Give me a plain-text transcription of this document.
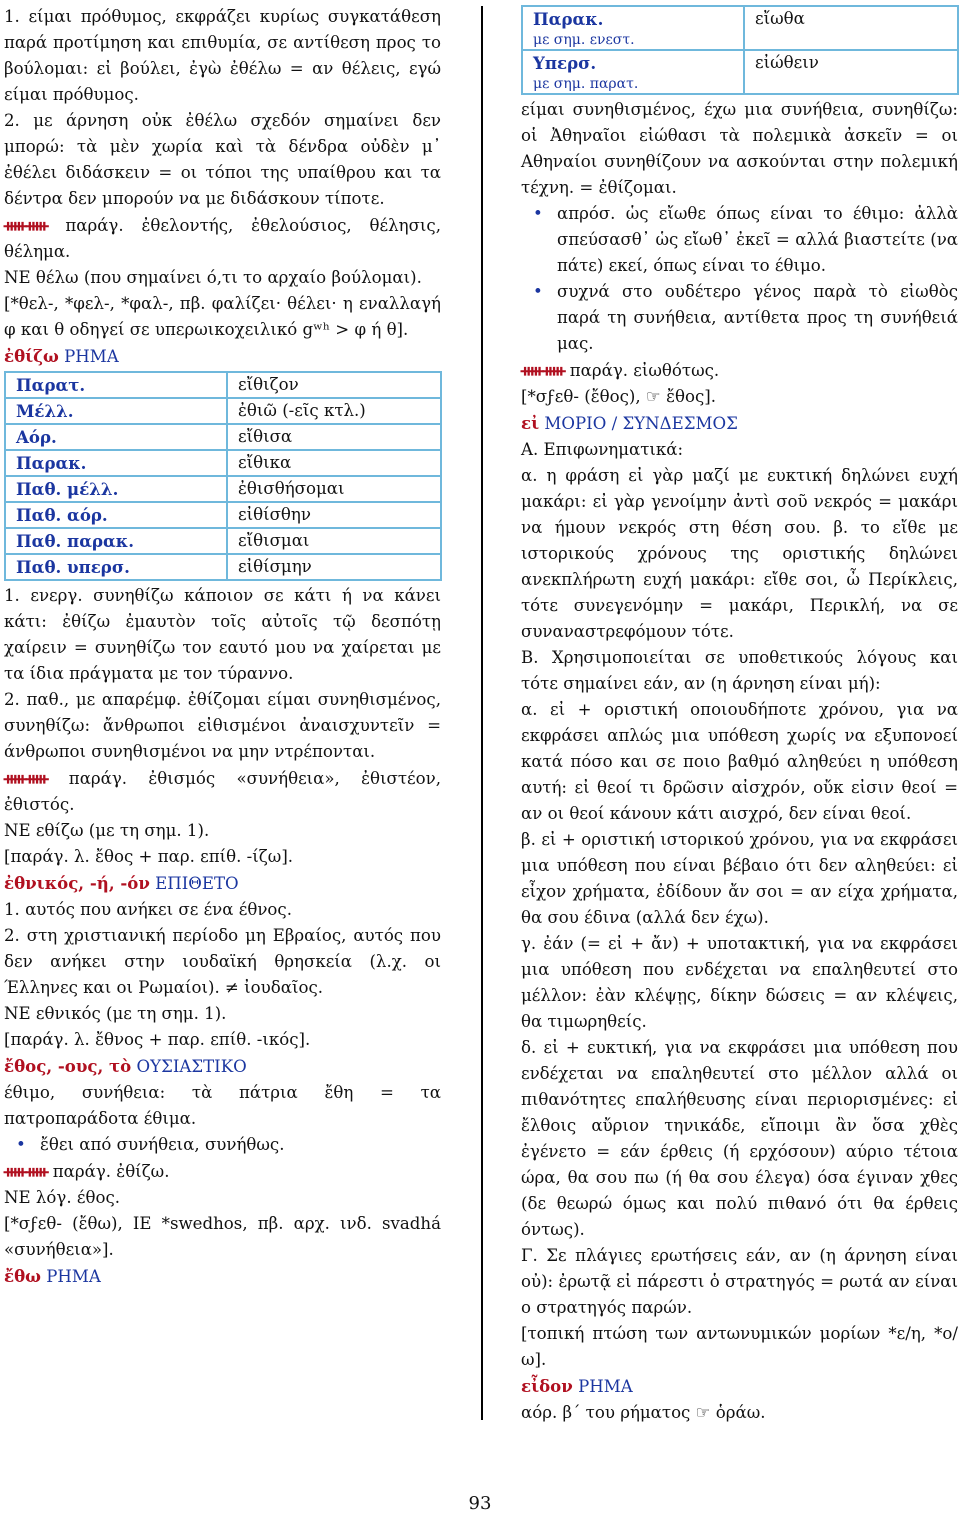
1. είμαι πρόθυμος, εκφράζει κυρίως συγκατάθεση παρά προτίμηση και επιθυμία, σε αντίθεση προς το βούλομαι: εἰ βούλει, ἐγὼ ἐθέλω = αν θέλεις, εγώ είμαι πρόθυμος.

2. με άρνηση οὐκ ἐθέλω σχεδόν σημαίνει δεν μπορώ: τὰ μὲν χωρία καὶ τὰ δένδρα οὐδὲν μ᾽ ἐθέλει διδάσκειν = οι τόποι της υπαίθρου και τα δέντρα δεν μπορούν να με διδάσκουν τίποτε.

ᚔᚔ παράγ. ἐθελοντής, ἐθελούσιος, θέλησις, θέλημα.

ΝΕ θέλω (που σημαίνει ό,τι το αρχαίο βούλομαι).

[*θελ-, *φελ-, *φαλ-, πβ. φαλίζει· θέλει· η εναλλαγή φ και θ οδηγεί σε υπερωικοχειλικό gʷʰ > φ ή θ].

ἐθίζω ΡΗΜΑ

Παρατ.	εἴθιζον
Μέλλ.	ἐθιῶ (-εῖς κτλ.)
Αόρ.	εἴθισα
Παρακ.	εἴθικα
Παθ. μέλλ.	ἐθισθήσομαι
Παθ. αόρ.	εἰθίσθην
Παθ. παρακ.	εἴθισμαι
Παθ. υπερσ.	εἰθίσμην

1. ενεργ. συνηθίζω κάποιον σε κάτι ή να κάνει κάτι: ἐθίζω ἐμαυτὸν τοῖς αὐτοῖς τῷ δεσπότῃ χαίρειν = συνηθίζω τον εαυτό μου να χαίρεται με τα ίδια πράγματα με τον τύραννο.

2. παθ., με απαρέμφ. ἐθίζομαι είμαι συνηθισμένος, συνηθίζω: ἄνθρωποι εἰθισμένοι ἀναισχυντεῖν = άνθρωποι συνηθισμένοι να μην ντρέπονται.

ᚔᚔ παράγ. ἐθισμός «συνήθεια», ἐθιστέον, ἐθιστός.

ΝΕ εθίζω (με τη σημ. 1).

[παράγ. λ. ἔθος + παρ. επίθ. -ίζω].

ἐθνικός, -ή, -όν ΕΠΙΘΕΤΟ

1. αυτός που ανήκει σε ένα έθνος.

2. στη χριστιανική περίοδο μη Εβραίος, αυτός που δεν ανήκει στην ιουδαϊκή θρησκεία (λ.χ. οι Έλληνες και οι Ρωμαίοι). ≠ ἰουδαῖος.

ΝΕ εθνικός (με τη σημ. 1).

[παράγ. λ. ἔθνος + παρ. επίθ. -ικός].

ἔθος, -ους, τὸ ΟΥΣΙΑΣΤΙΚΟ

έθιμο, συνήθεια: τὰ πάτρια ἔθη = τα πατροπαράδοτα έθιμα.

• ἔθει από συνήθεια, συνήθως.

ᚔᚔ παράγ. ἐθίζω.

ΝΕ λόγ. έθος.

[*σϝεθ- (ἔθω), ΙΕ *swedhos, πβ. αρχ. ινδ. svadhá «συνήθεια»].

ἔθω ΡΗΜΑ

Παρακ.
με σημ. ενεστ.	εἴωθα
Υπερσ.
με σημ. παρατ.	εἰώθειν

είμαι συνηθισμένος, έχω μια συνήθεια, συνηθίζω: οἱ Ἀθηναῖοι εἰώθασι τὰ πολεμικὰ ἀσκεῖν = οι Αθηναίοι συνηθίζουν να ασκούνται στην πολεμική τέχνη. = ἐθίζομαι.

• απρόσ. ὡς εἴωθε όπως είναι το έθιμο: ἀλλὰ σπεύσασθ᾽ ὡς εἴωθ᾽ ἐκεῖ = αλλά βιαστείτε (να πάτε) εκεί, όπως είναι το έθιμο.

• συχνά στο ουδέτερο γένος παρὰ τὸ εἰωθὸς παρά τη συνήθεια, αντίθετα προς τη συνήθειά μας.

ᚔᚔ παράγ. εἰωθότως.

[*σϝεθ- (ἔθος), ☞ ἔθος].

εἰ ΜΟΡΙΟ / ΣΥΝΔΕΣΜΟΣ

Α. Επιφωνηματικά:

α. η φράση εἰ γὰρ μαζί με ευκτική δηλώνει ευχή μακάρι: εἰ γὰρ γενοίμην ἀντὶ σοῦ νεκρός = μακάρι να ήμουν νεκρός στη θέση σου. β. το εἴθε με ιστορικούς χρόνους της οριστικής δηλώνει ανεκπλήρωτη ευχή μακάρι: εἴθε σοι, ὦ Περίκλεις, τότε συνεγενόμην = μακάρι, Περικλή, να σε συναναστρεφόμουν τότε.

Β. Χρησιμοποιείται σε υποθετικούς λόγους και τότε σημαίνει εάν, αν (η άρνηση είναι μή):

α. εἰ + οριστική οποιουδήποτε χρόνου, για να εκφράσει απλώς μια υπόθεση χωρίς να εξυπονοεί κατά πόσο και σε ποιο βαθμό αληθεύει η υπόθεση αυτή: εἰ θεοί τι δρῶσιν αἰσχρόν, οὔκ εἰσιν θεοί = αν οι θεοί κάνουν κάτι αισχρό, δεν είναι θεοί.

β. εἰ + οριστική ιστορικού χρόνου, για να εκφράσει μια υπόθεση που είναι βέβαιο ότι δεν αληθεύει: εἰ εἶχον χρήματα, ἐδίδουν ἄν σοι = αν είχα χρήματα, θα σου έδινα (αλλά δεν έχω).

γ. ἐάν (= εἰ + ἄν) + υποτακτική, για να εκφράσει μια υπόθεση που ενδέχεται να επαληθευτεί στο μέλλον: ἐὰν κλέψῃς, δίκην δώσεις = αν κλέψεις, θα τιμωρηθείς.

δ. εἰ + ευκτική, για να εκφράσει μια υπόθεση που ενδέχεται να επαληθευτεί στο μέλλον αλλά οι πιθανότητες επαλήθευσης είναι περιορισμένες: εἰ ἔλθοις αὔριον τηνικάδε, εἴποιμι ἂν ὅσα χθὲς ἐγένετο = εάν έρθεις (ή ερχόσουν) αύριο τέτοια ώρα, θα σου πω (ή θα σου έλεγα) όσα έγιναν χθες (δε θεωρώ όμως και πολύ πιθανό ότι θα έρθεις όντως).

Γ. Σε πλάγιες ερωτήσεις εάν, αν (η άρνηση είναι οὐ): ἐρωτᾷ εἰ πάρεστι ὁ στρατηγός = ρωτά αν είναι ο στρατηγός παρών.

[τοπική πτώση των αντωνυμικών μορίων *ε/η, *ο/ω].

εἶδον ΡΗΜΑ

αόρ. β΄ του ρήματος ☞ ὁράω.

93
